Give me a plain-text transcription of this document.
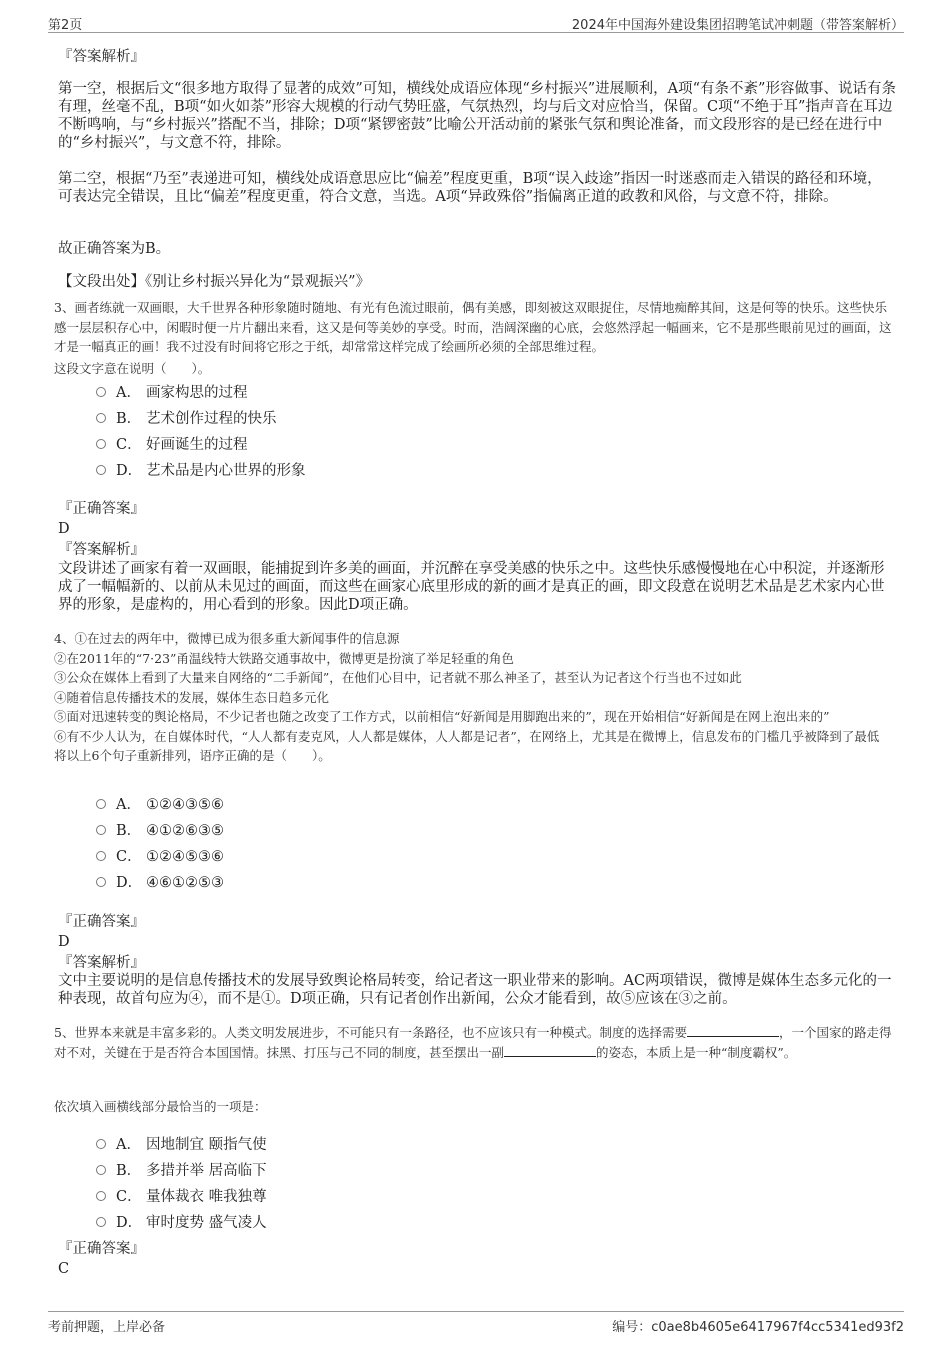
第2页	2024年中国海外建设集团招聘笔试冲刺题（带答案解析）
『答案解析』

第一空，根据后文“很多地方取得了显著的成效”可知，横线处成语应体现“乡村振兴”进展顺利，A项“有条不紊”形容做事、说话有条有理，丝毫不乱，B项“如火如荼”形容大规模的行动气势旺盛，气氛热烈，均与后文对应恰当，保留。C项“不绝于耳”指声音在耳边不断鸣响，与“乡村振兴”搭配不当，排除；D项“紧锣密鼓”比喻公开活动前的紧张气氛和舆论准备，而文段形容的是已经在进行中的“乡村振兴”，与文意不符，排除。

第二空，根据“乃至”表递进可知，横线处成语意思应比“偏差”程度更重，B项“误入歧途”指因一时迷惑而走入错误的路径和环境，可表达完全错误，且比“偏差”程度更重，符合文意，当选。A项“异政殊俗”指偏离正道的政教和风俗，与文意不符，排除。

故正确答案为B。

【文段出处】《别让乡村振兴异化为“景观振兴”》

3、画者练就一双画眼，大千世界各种形象随时随地、有光有色流过眼前，偶有美感，即刻被这双眼捉住，尽情地痴醉其间，这是何等的快乐。这些快乐感一层层积存心中，闲暇时便一片片翻出来看，这又是何等美妙的享受。时而，浩阔深幽的心底，会悠然浮起一幅画来，它不是那些眼前见过的画面，这才是一幅真正的画！我不过没有时间将它形之于纸，却常常这样完成了绘画所必须的全部思维过程。

这段文字意在说明（　　）。

A． 画家构思的过程
B． 艺术创作过程的快乐
C． 好画诞生的过程
D． 艺术品是内心世界的形象
『正确答案』
D
『答案解析』

文段讲述了画家有着一双画眼，能捕捉到许多美的画面，并沉醉在享受美感的快乐之中。这些快乐感慢慢地在心中积淀，并逐渐形成了一幅幅新的、以前从未见过的画面，而这些在画家心底里形成的新的画才是真正的画，即文段意在说明艺术品是艺术家内心世界的形象，是虚构的，用心看到的形象。因此D项正确。

4、①在过去的两年中，微博已成为很多重大新闻事件的信息源

②在2011年的“7·23”甬温线特大铁路交通事故中，微博更是扮演了举足轻重的角色

③公众在媒体上看到了大量来自网络的“二手新闻”，在他们心目中，记者就不那么神圣了，甚至认为记者这个行当也不过如此

④随着信息传播技术的发展，媒体生态日趋多元化

⑤面对迅速转变的舆论格局，不少记者也随之改变了工作方式，以前相信“好新闻是用脚跑出来的”，现在开始相信“好新闻是在网上泡出来的”

⑥有不少人认为，在自媒体时代，“人人都有麦克风，人人都是媒体，人人都是记者”，在网络上，尤其是在微博上，信息发布的门槛几乎被降到了最低

将以上6个句子重新排列，语序正确的是（　　）。

A． ①②④③⑤⑥
B． ④①②⑥③⑤
C． ①②④⑤③⑥
D． ④⑥①②⑤③
『正确答案』
D
『答案解析』

文中主要说明的是信息传播技术的发展导致舆论格局转变，给记者这一职业带来的影响。AC两项错误，微博是媒体生态多元化的一种表现，故首句应为④，而不是①。D项正确，只有记者创作出新闻，公众才能看到，故⑤应该在③之前。

5、世界本来就是丰富多彩的。人类文明发展进步，不可能只有一条路径，也不应该只有一种模式。制度的选择需要	，一个国家的路走得对不对，关键在于是否符合本国国情。抹黑、打压与己不同的制度，甚至摆出一副	的姿态，本质上是一种“制度霸权”。

依次填入画横线部分最恰当的一项是：

A． 因地制宜 颐指气使
B． 多措并举 居高临下
C． 量体裁衣 唯我独尊
D． 审时度势 盛气凌人
『正确答案』
C
考前押题，上岸必备	编号：c0ae8b4605e6417967f4cc5341ed93f2
